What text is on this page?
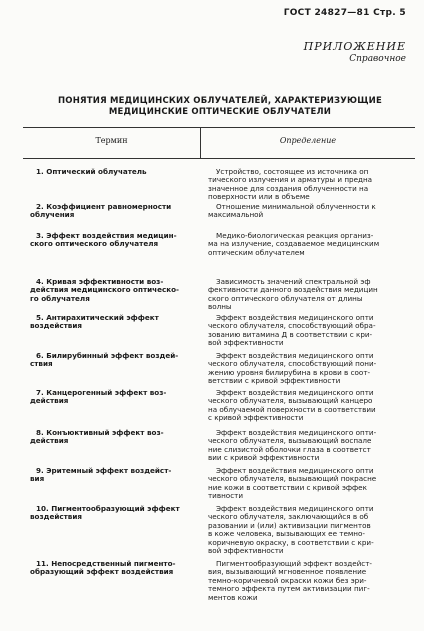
ГОСТ 24827—81 Стр. 5
ПРИЛОЖЕНИЕ
Справочное
ПОНЯТИЯ МЕДИЦИНСКИХ ОБЛУЧАТЕЛЕЙ, ХАРАКТЕРИЗУЮЩИЕ
МЕДИЦИНСКИЕ ОПТИЧЕСКИЕ ОБЛУЧАТЕЛИ
Термин	Определение
1. Оптический облучатель	Устройство, состоящее из источника оп
тического излучения и арматуры и предна
значенное для создания облученности на
поверхности или в объеме
2. Коэффициент равномерности
облучения
Отношение минимальной облученности к
максимальной
3. Эффект воздействия медицин-
ского оптического облучателя
Медико-биологическая реакция организ-
ма на излучение, создаваемое медицинским
оптическим облучателем
4. Кривая эффективности воз-
действия медицинского оптическо-
го облучателя
Зависимость значений спектральной эф
фективности данного воздействия медицин
ского оптического облучателя от длины
волны
5. Антирахитический эффект
воздействия
Эффект воздействия медицинского опти
ческого облучателя, способствующий обра-
зованию витамина Д в соответствии с кри-
вой эффективности
6. Билирубинный эффект воздей-
ствия
Эффект воздействия медицинского опти
ческого облучателя, способствующий пони-
жению уровня билирубина в крови в соот-
ветствии с кривой эффективности
7. Канцерогенный эффект воз-
действия
Эффект воздействия медицинского опти
ческого облучателя, вызывающий канцеро
на облучаемой поверхности в соответствии
с кривой эффективности
8. Конъюктивный эффект воз-
действия
Эффект воздействия медицинского опти-
ческого облучателя, вызывающий воспале
ние слизистой оболочки глаза в соответст
вии с кривой эффективности
9. Эритемный эффект воздейст-
вия
Эффект воздействия медицинского опти
ческого облучателя, вызывающий покрасне
ние кожи в соответствии с кривой эффек
тивности
10. Пигментообразующий эффект
воздействия
Эффект воздействия медицинского опти
ческого облучателя, заключающийся в об
разовании и (или) активизации пигментов
в коже человека, вызывающих ее темно-
коричневую окраску, в соответствии с кри-
вой эффективности
11. Непосредственный пигменто-
образующий эффект воздействия
Пигментообразующий эффект воздейст-
вия, вызывающий мгновенное появление
темно-коричневой окраски кожи без эри-
темного эффекта путем активизации пиг-
ментов кожи
